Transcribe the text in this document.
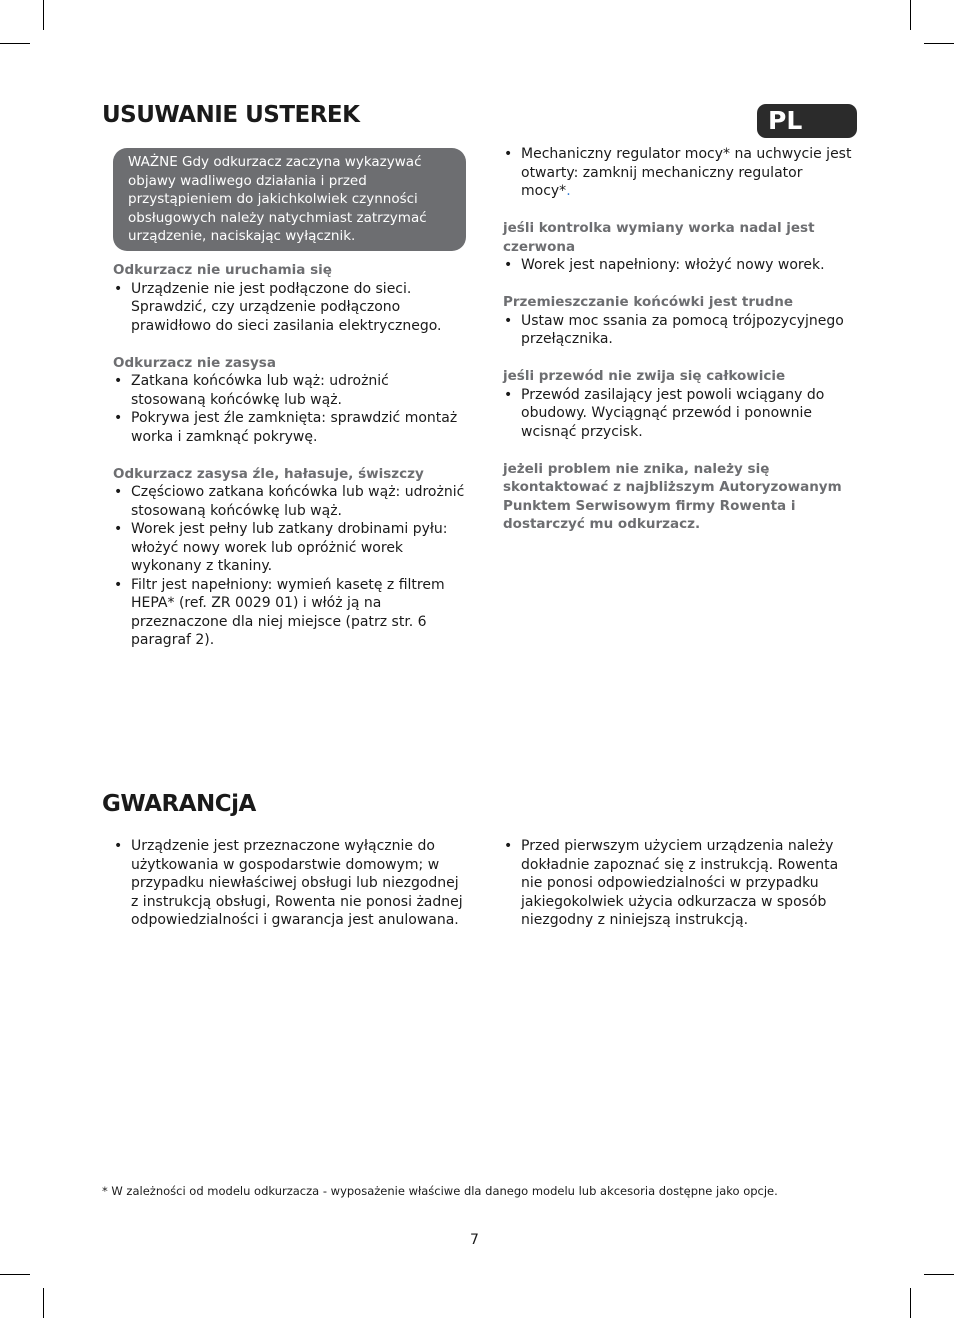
USUWANIE USTEREK	PL
WAŻNE Gdy odkurzacz zaczyna wykazywać objawy wadliwego działania i przed przystąpieniem do jakichkolwiek czynności obsługowych należy natychmiast zatrzymać urządzenie, naciskając wyłącznik.
Odkurzacz nie uruchamia się
• Urządzenie nie jest podłączone do sieci. Sprawdzić, czy urządzenie podłączono prawidłowo do sieci zasilania elektrycznego.
Odkurzacz nie zasysa
• Zatkana końcówka lub wąż: udrożnić stosowaną końcówkę lub wąż.
• Pokrywa jest źle zamknięta: sprawdzić montaż worka i zamknąć pokrywę.
Odkurzacz zasysa źle, hałasuje, świszczy
• Częściowo zatkana końcówka lub wąż: udrożnić stosowaną końcówkę lub wąż.
• Worek jest pełny lub zatkany drobinami pyłu: włożyć nowy worek lub opróżnić worek wykonany z tkaniny.
• Filtr jest napełniony: wymień kasetę z filtrem HEPA* (ref. ZR 0029 01) i włóż ją na przeznaczone dla niej miejsce (patrz str. 6 paragraf 2).
• Mechaniczny regulator mocy* na uchwycie jest otwarty: zamknij mechaniczny regulator mocy*.
jeśli kontrolka wymiany worka nadal jest czerwona
• Worek jest napełniony: włożyć nowy worek.
Przemieszczanie końcówki jest trudne
• Ustaw moc ssania za pomocą trójpozycyjnego przełącznika.
jeśli przewód nie zwija się całkowicie
• Przewód zasilający jest powoli wciągany do obudowy. Wyciągnąć przewód i ponownie wcisnąć przycisk.
jeżeli problem nie znika, należy się skontaktować z najbliższym Autoryzowanym Punktem Serwisowym firmy Rowenta i dostarczyć mu odkurzacz.
GWARANCjA
• Urządzenie jest przeznaczone wyłącznie do użytkowania w gospodarstwie domowym; w przypadku niewłaściwej obsługi lub niezgodnej z instrukcją obsługi, Rowenta nie ponosi żadnej odpowiedzialności i gwarancja jest anulowana.
• Przed pierwszym użyciem urządzenia należy dokładnie zapoznać się z instrukcją. Rowenta nie ponosi odpowiedzialności w przypadku jakiegokolwiek użycia odkurzacza w sposób niezgodny z niniejszą instrukcją.
* W zależności od modelu odkurzacza - wyposażenie właściwe dla danego modelu lub akcesoria dostępne jako opcje.
7
